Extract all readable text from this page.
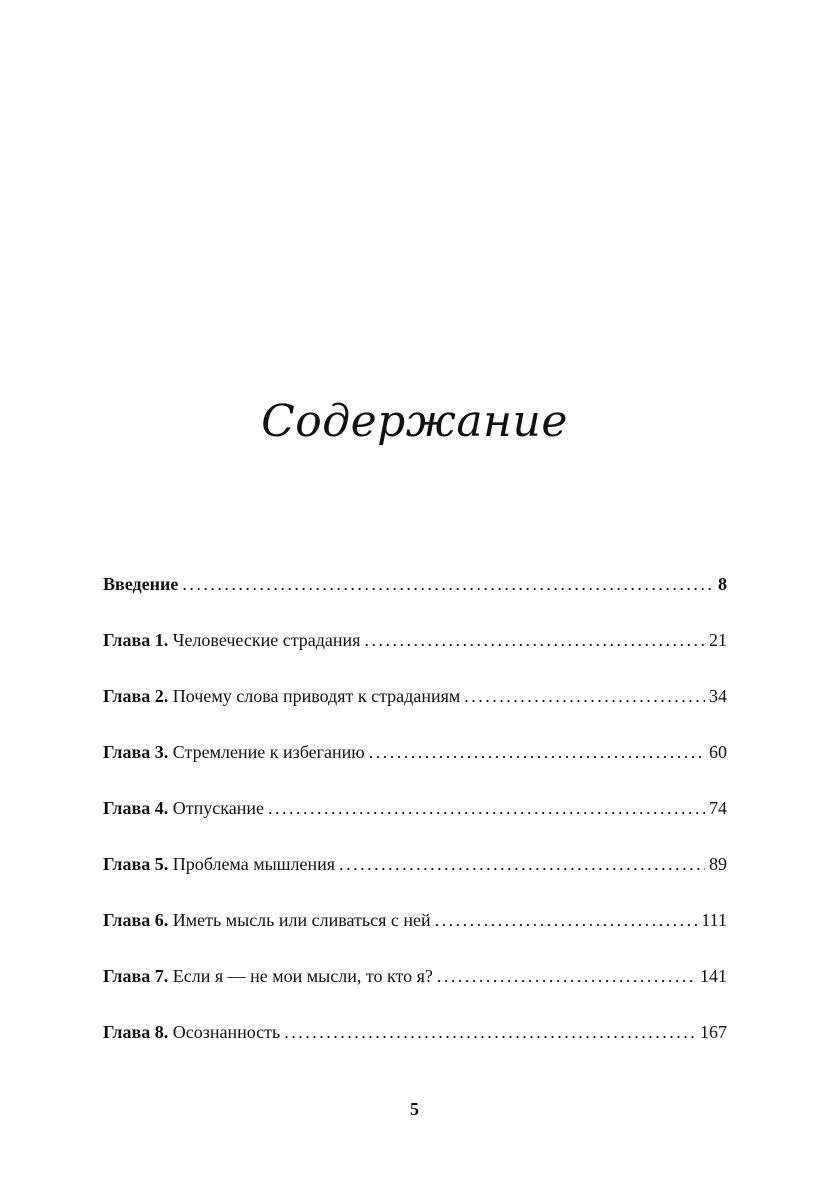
Содержание
Введение . . .	8
Глава 1. Человеческие страдания . . .	21
Глава 2. Почему слова приводят к страданиям . . .	34
Глава 3. Стремление к избеганию . . .	60
Глава 4. Отпускание . . .	74
Глава 5. Проблема мышления . . .	89
Глава 6. Иметь мысль или сливаться с ней . . .	111
Глава 7. Если я — не мои мысли, то кто я? . . .	141
Глава 8. Осознанность . . .	167
5
